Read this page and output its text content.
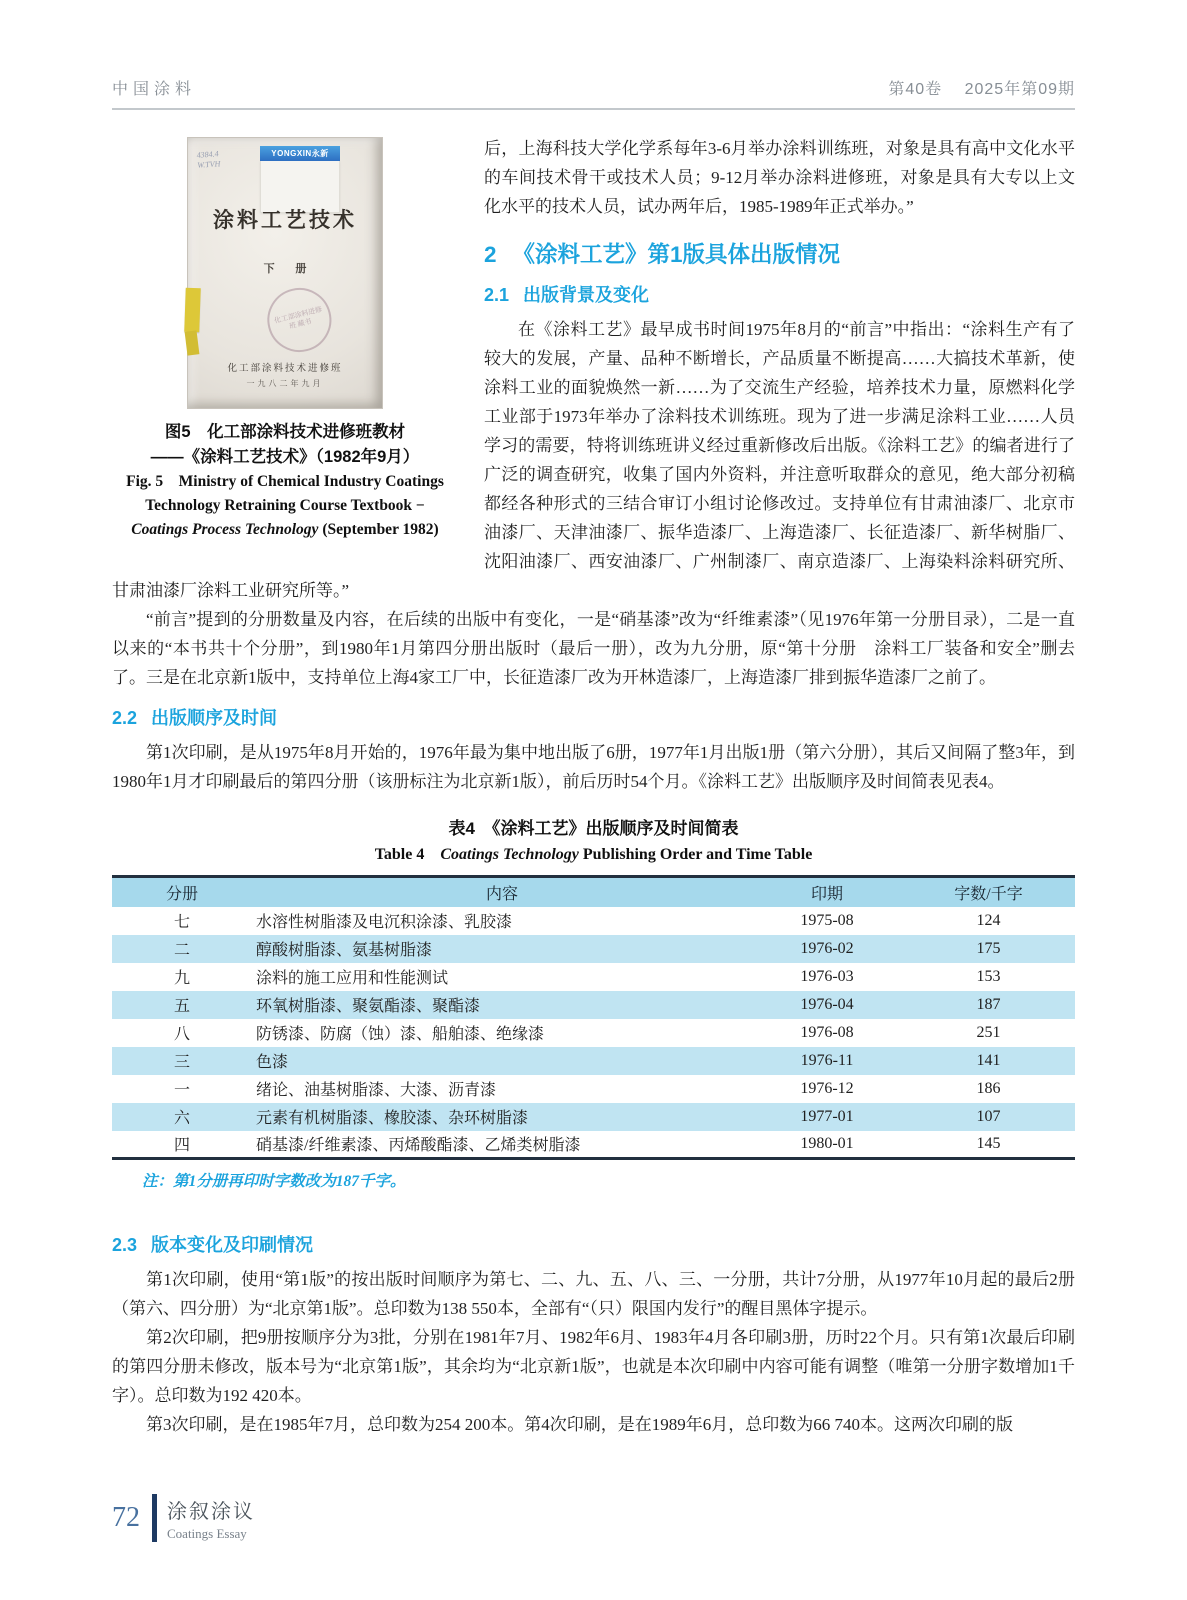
中国涂料	第40卷 2025年第09期
4384.4
W.TVH
YONGXIN永新
涂料工艺技术
下 册
化工部涂料进修班 藏书
化工部涂料技术进修班
一九八二年九月
图5　化工部涂料技术进修班教材
——《涂料工艺技术》（1982年9月）
Fig. 5　Ministry of Chemical Industry Coatings
Technology Retraining Course Textbook −
Coatings Process Technology (September 1982)

后，上海科技大学化学系每年3-6月举办涂料训练班，对象是具有高中文化水平的车间技术骨干或技术人员；9-12月举办涂料进修班，对象是具有大专以上文化水平的技术人员，试办两年后，1985-1989年正式举办。”

2 《涂料工艺》第1版具体出版情况
2.1 出版背景及变化

在《涂料工艺》最早成书时间1975年8月的“前言”中指出：“涂料生产有了较大的发展，产量、品种不断增长，产品质量不断提高……大搞技术革新，使涂料工业的面貌焕然一新……为了交流生产经验，培养技术力量，原燃料化学工业部于1973年举办了涂料技术训练班。现为了进一步满足涂料工业……人员学习的需要，特将训练班讲义经过重新修改后出版。《涂料工艺》的编者进行了广泛的调查研究，收集了国内外资料，并注意听取群众的意见，绝大部分初稿都经各种形式的三结合审订小组讨论修改过。支持单位有甘肃油漆厂、北京市油漆厂、天津油漆厂、振华造漆厂、上海造漆厂、长征造漆厂、新华树脂厂、沈阳油漆厂、西安油漆厂、广州制漆厂、南京造漆厂、上海染料涂料研究所、甘肃油漆厂涂料工业研究所等。”

“前言”提到的分册数量及内容，在后续的出版中有变化，一是“硝基漆”改为“纤维素漆”（见1976年第一分册目录），二是一直以来的“本书共十个分册”，到1980年1月第四分册出版时（最后一册），改为九分册，原“第十分册　涂料工厂装备和安全”删去了。三是在北京新1版中，支持单位上海4家工厂中，长征造漆厂改为开林造漆厂，上海造漆厂排到振华造漆厂之前了。

2.2 出版顺序及时间

第1次印刷，是从1975年8月开始的，1976年最为集中地出版了6册，1977年1月出版1册（第六分册），其后又间隔了整3年，到1980年1月才印刷最后的第四分册（该册标注为北京新1版），前后历时54个月。《涂料工艺》出版顺序及时间简表见表4。

表4　《涂料工艺》出版顺序及时间简表
Table 4　Coatings Technology Publishing Order and Time Table
分册	内容	印期	字数/千字
七	水溶性树脂漆及电沉积涂漆、乳胶漆	1975-08	124
二	醇酸树脂漆、氨基树脂漆	1976-02	175
九	涂料的施工应用和性能测试	1976-03	153
五	环氧树脂漆、聚氨酯漆、聚酯漆	1976-04	187
八	防锈漆、防腐（蚀）漆、船舶漆、绝缘漆	1976-08	251
三	色漆	1976-11	141
一	绪论、油基树脂漆、大漆、沥青漆	1976-12	186
六	元素有机树脂漆、橡胶漆、杂环树脂漆	1977-01	107
四	硝基漆/纤维素漆、丙烯酸酯漆、乙烯类树脂漆	1980-01	145

注：第1分册再印时字数改为187千字。

2.3 版本变化及印刷情况

第1次印刷，使用“第1版”的按出版时间顺序为第七、二、九、五、八、三、一分册，共计7分册，从1977年10月起的最后2册（第六、四分册）为“北京第1版”。总印数为138 550本，全部有“（只）限国内发行”的醒目黑体字提示。

第2次印刷，把9册按顺序分为3批，分别在1981年7月、1982年6月、1983年4月各印刷3册，历时22个月。只有第1次最后印刷的第四分册未修改，版本号为“北京第1版”，其余均为“北京新1版”，也就是本次印刷中内容可能有调整（唯第一分册字数增加1千字）。总印数为192 420本。

第3次印刷，是在1985年7月，总印数为254 200本。第4次印刷，是在1989年6月，总印数为66 740本。这两次印刷的版

72 涂叙涂议
Coatings Essay
